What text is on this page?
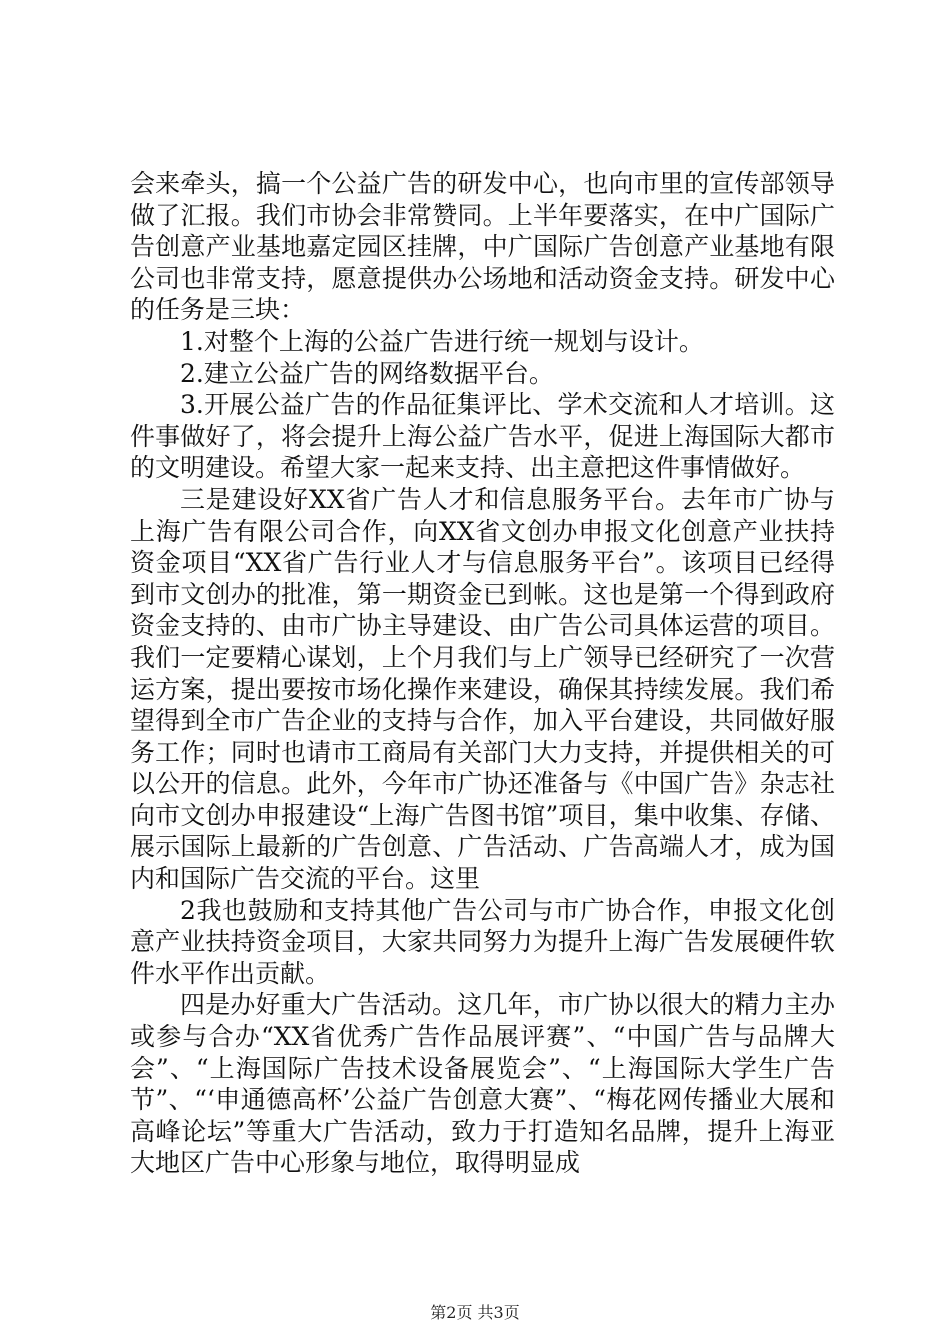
会来牵头，搞一个公益广告的研发中心，也向市里的宣传部领导做了汇报。我们市协会非常赞同。上半年要落实，在中广国际广告创意产业基地嘉定园区挂牌，中广国际广告创意产业基地有限公司也非常支持，愿意提供办公场地和活动资金支持。研发中心的任务是三块：

1.对整个上海的公益广告进行统一规划与设计。

2.建立公益广告的网络数据平台。

3.开展公益广告的作品征集评比、学术交流和人才培训。这件事做好了，将会提升上海公益广告水平，促进上海国际大都市的文明建设。希望大家一起来支持、出主意把这件事情做好。

三是建设好XX省广告人才和信息服务平台。去年市广协与上海广告有限公司合作，向XX省文创办申报文化创意产业扶持资金项目“XX省广告行业人才与信息服务平台”。该项目已经得到市文创办的批准，第一期资金已到帐。这也是第一个得到政府资金支持的、由市广协主导建设、由广告公司具体运营的项目。我们一定要精心谋划，上个月我们与上广领导已经研究了一次营运方案，提出要按市场化操作来建设，确保其持续发展。我们希望得到全市广告企业的支持与合作，加入平台建设，共同做好服务工作；同时也请市工商局有关部门大力支持，并提供相关的可以公开的信息。此外，今年市广协还准备与《中国广告》杂志社向市文创办申报建设“上海广告图书馆”项目，集中收集、存储、展示国际上最新的广告创意、广告活动、广告高端人才，成为国内和国际广告交流的平台。这里

2我也鼓励和支持其他广告公司与市广协合作，申报文化创意产业扶持资金项目，大家共同努力为提升上海广告发展硬件软件水平作出贡献。

四是办好重大广告活动。这几年，市广协以很大的精力主办或参与合办“XX省优秀广告作品展评赛”、“中国广告与品牌大会”、“上海国际广告技术设备展览会”、“上海国际大学生广告节”、“‘申通德高杯’公益广告创意大赛”、“梅花网传播业大展和高峰论坛”等重大广告活动，致力于打造知名品牌，提升上海亚大地区广告中心形象与地位，取得明显成

第2页 共3页
